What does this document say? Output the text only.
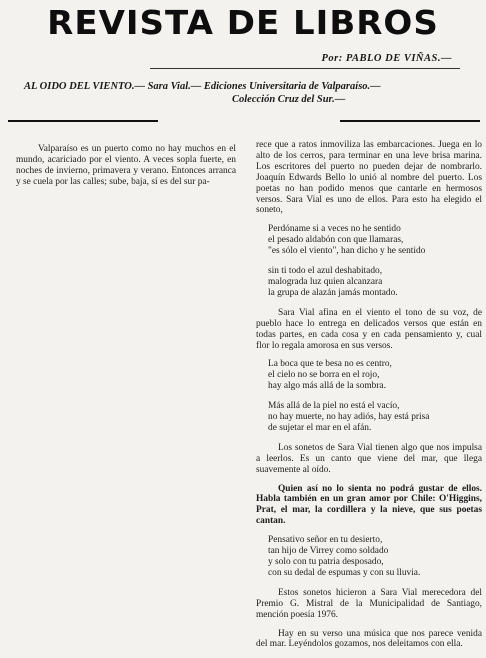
REVISTA DE LIBROS
Por: PABLO DE VIÑAS.—
AL OIDO DEL VIENTO.— Sara Vial.— Ediciones Universitaria de Valparaíso.—
Colección Cruz del Sur.—

Valparaíso es un puerto como no hay muchos en el mundo, acariciado por el viento. A veces sopla fuerte, en noches de invierno, primavera y verano. Entonces arranca y se cuela por las calles; sube, baja, sí es del sur pa-

rece que a ratos inmoviliza las embarcaciones. Juega en lo alto de los cerros, para terminar en una leve brisa marina. Los escritores del puerto no pueden dejar de nombrarlo. Joaquín Edwards Bello lo unió al nombre del puerto. Los poetas no han podido menos que cantarle en hermosos versos. Sara Vial es uno de ellos. Para esto ha elegido el soneto,

Perdóname si a veces no he sentido
el pesado aldabón con que llamaras,
"es sólo el viento", han dicho y he sentido
sin ti todo el azul deshabitado,
malograda luz quien alcanzara
la grupa de alazán jamás montado.

Sara Vial afina en el viento el tono de su voz, de pueblo hace lo entrega en delicados versos que están en todas partes, en cada cosa y en cada pensamiento y, cual flor lo regala amorosa en sus versos.

La boca que te besa no es centro,
el cielo no se borra en el rojo,
hay algo más allá de la sombra.
Más allá de la piel no está el vacío,
no hay muerte, no hay adiós, hay está prisa
de sujetar el mar en el afán.

Los sonetos de Sara Vial tienen algo que nos impulsa a leerlos. Es un canto que viene del mar, que llega suavemente al oído.

Quien así no lo sienta no podrá gustar de ellos. Habla también en un gran amor por Chile: O'Higgins, Prat, el mar, la cordillera y la nieve, que sus poetas cantan.

Pensativo señor en tu desierto,
tan hijo de Virrey como soldado
y solo con tu patria desposado,
con su dedal de espumas y con su lluvia.

Estos sonetos hicieron a Sara Vial merecedora del Premio G. Mistral de la Municipalidad de Santiago, mención poesía 1976.

Hay en su verso una música que nos parece venida del mar. Leyéndolos gozamos, nos deleitamos con ella.
